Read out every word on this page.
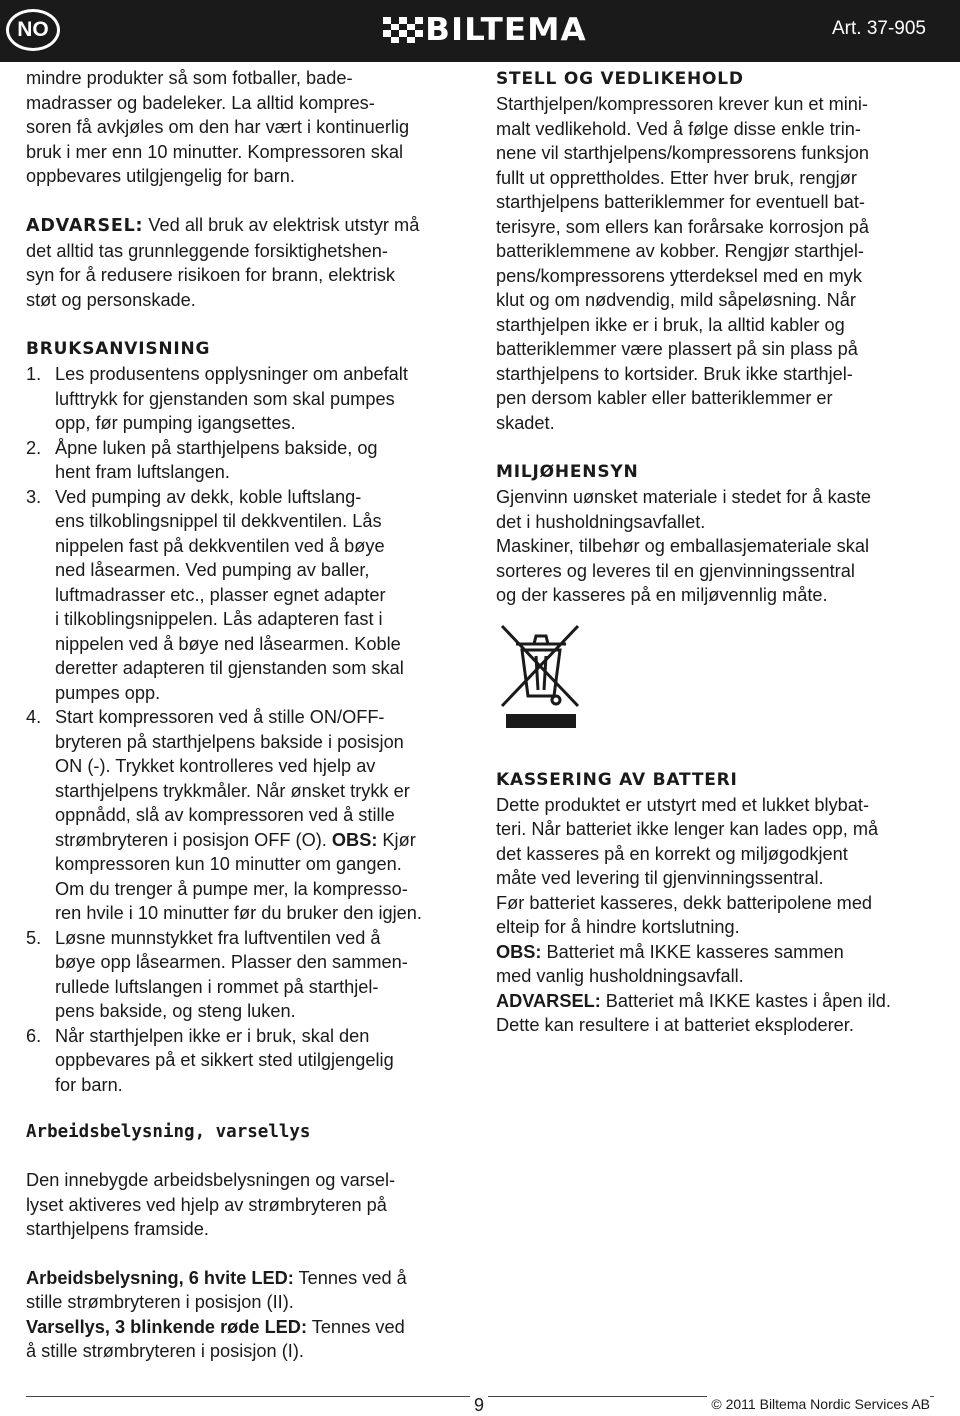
NO	BILTEMA	Art. 37-905

mindre produkter så som fotballer, bade-
madrasser og badeleker. La alltid kompres-
soren få avkjøles om den har vært i kontinuerlig
bruk i mer enn 10 minutter. Kompressoren skal
oppbevares utilgjengelig for barn.

ADVARSEL: Ved all bruk av elektrisk utstyr må
det alltid tas grunnleggende forsiktighetshen-
syn for å redusere risikoen for brann, elektrisk
støt og personskade.

BRUKSANVISNING
1. Les produsentens opplysninger om anbefalt
lufttrykk for gjenstanden som skal pumpes
opp, før pumping igangsettes.
2. Åpne luken på starthjelpens bakside, og
hent fram luftslangen.
3. Ved pumping av dekk, koble luftslang-
ens tilkoblingsnippel til dekkventilen. Lås
nippelen fast på dekkventilen ved å bøye
ned låsearmen. Ved pumping av baller,
luftmadrasser etc., plasser egnet adapter
i tilkoblingsnippelen. Lås adapteren fast i
nippelen ved å bøye ned låsearmen. Koble
deretter adapteren til gjenstanden som skal
pumpes opp.
4. Start kompressoren ved å stille ON/OFF-
bryteren på starthjelpens bakside i posisjon
ON (-). Trykket kontrolleres ved hjelp av
starthjelpens trykkmåler. Når ønsket trykk er
oppnådd, slå av kompressoren ved å stille
strømbryteren i posisjon OFF (O). OBS: Kjør
kompressoren kun 10 minutter om gangen.
Om du trenger å pumpe mer, la kompresso-
ren hvile i 10 minutter før du bruker den igjen.
5. Løsne munnstykket fra luftventilen ved å
bøye opp låsearmen. Plasser den sammen-
rullede luftslangen i rommet på starthjel-
pens bakside, og steng luken.
6. Når starthjelpen ikke er i bruk, skal den
oppbevares på et sikkert sted utilgjengelig
for barn.
STELL OG VEDLIKEHOLD

Starthjelpen/kompressoren krever kun et mini-
malt vedlikehold. Ved å følge disse enkle trin-
nene vil starthjelpens/kompressorens funksjon
fullt ut opprettholdes. Etter hver bruk, rengjør
starthjelpens batteriklemmer for eventuell bat-
terisyre, som ellers kan forårsake korrosjon på
batteriklemmene av kobber. Rengjør starthjel-
pens/kompressorens ytterdeksel med en myk
klut og om nødvendig, mild såpeløsning. Når
starthjelpen ikke er i bruk, la alltid kabler og
batteriklemmer være plassert på sin plass på
starthjelpens to kortsider. Bruk ikke starthjel-
pen dersom kabler eller batteriklemmer er
skadet.

MILJØHENSYN

Gjenvinn uønsket materiale i stedet for å kaste
det i husholdningsavfallet.
Maskiner, tilbehør og emballasjemateriale skal
sorteres og leveres til en gjenvinningssentral
og der kasseres på en miljøvennlig måte.

KASSERING AV BATTERI

Dette produktet er utstyrt med et lukket blybat-
teri. Når batteriet ikke lenger kan lades opp, må
det kasseres på en korrekt og miljøgodkjent
måte ved levering til gjenvinningssentral.
Før batteriet kasseres, dekk batteripolene med
elteip for å hindre kortslutning.
OBS: Batteriet må IKKE kasseres sammen
med vanlig husholdningsavfall.
ADVARSEL: Batteriet må IKKE kastes i åpen ild.
Dette kan resultere i at batteriet eksploderer.

Arbeidsbelysning, varsellys

Den innebygde arbeidsbelysningen og varsel-
lyset aktiveres ved hjelp av strømbryteren på
starthjelpens framside.

Arbeidsbelysning, 6 hvite LED: Tennes ved å
stille strømbryteren i posisjon (II).
Varsellys, 3 blinkende røde LED: Tennes ved
å stille strømbryteren i posisjon (I).

9	© 2011 Biltema Nordic Services AB
